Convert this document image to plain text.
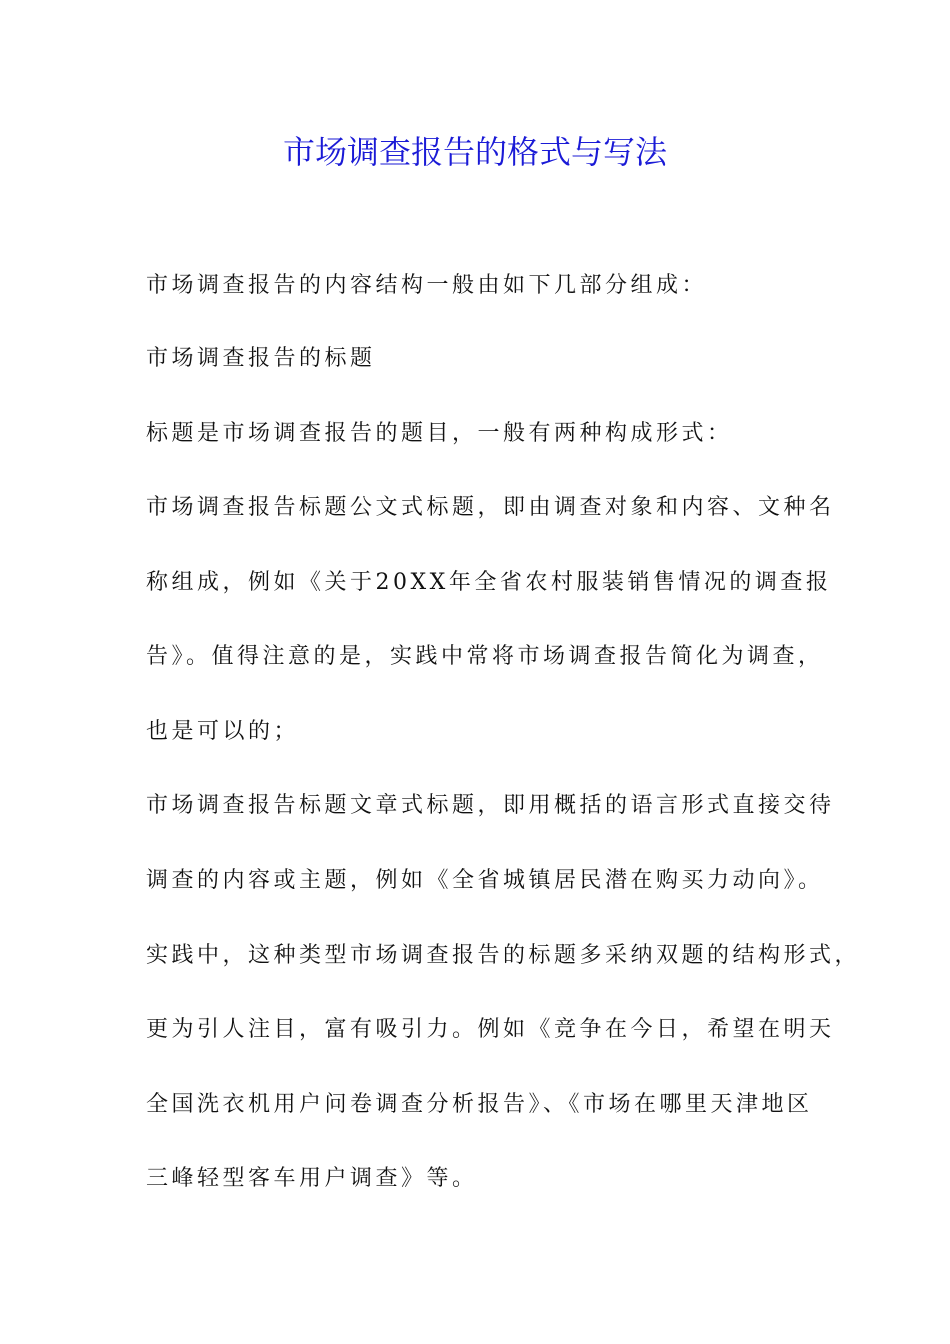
市场调查报告的格式与写法
市场调查报告的内容结构一般由如下几部分组成：
市场调查报告的标题
标题是市场调查报告的题目，一般有两种构成形式：
市场调查报告标题公文式标题，即由调查对象和内容、文种名
称组成，例如《关于20XX年全省农村服装销售情况的调查报
告》。值得注意的是，实践中常将市场调查报告简化为调查，
也是可以的；
市场调查报告标题文章式标题，即用概括的语言形式直接交待
调查的内容或主题，例如《全省城镇居民潜在购买力动向》。
实践中，这种类型市场调查报告的标题多采纳双题的结构形式，
更为引人注目，富有吸引力。例如《竞争在今日，希望在明天
全国洗衣机用户问卷调查分析报告》、《市场在哪里天津地区
三峰轻型客车用户调查》等。
